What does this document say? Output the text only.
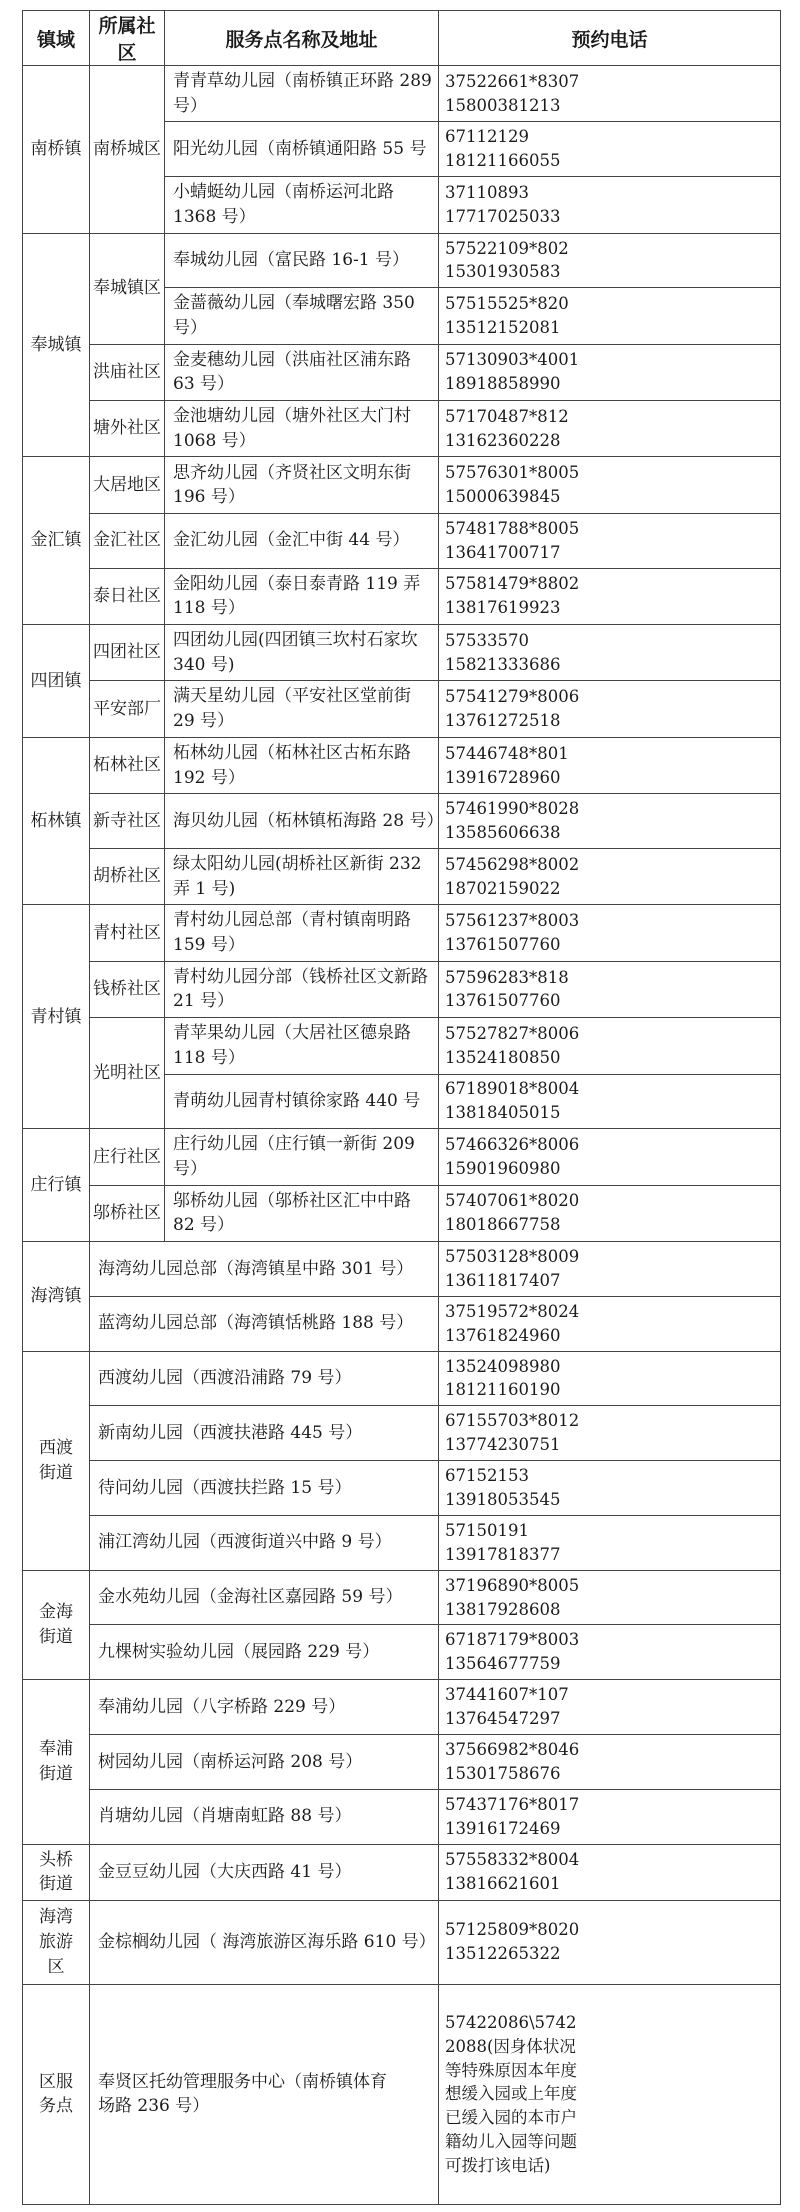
镇域	所属社区	服务点名称及地址	预约电话
南桥镇	南桥城区	青青草幼儿园（南桥镇正环路 289 号）	37522661*8307
15800381213

		阳光幼儿园（南桥镇通阳路 55 号	67112129
18121166055

		小蜻蜓幼儿园（南桥运河北路 1368 号）	37110893
17717025033

奉城镇	奉城镇区	奉城幼儿园（富民路 16-1 号）	57522109*802
15301930583

		金蔷薇幼儿园（奉城曙宏路 350 号）	57515525*820
13512152081

	洪庙社区	金麦穗幼儿园（洪庙社区浦东路 63 号）	57130903*4001
18918858990

	塘外社区	金池塘幼儿园（塘外社区大门村 1068 号）	57170487*812
13162360228

金汇镇	大居地区	思齐幼儿园（齐贤社区文明东街 196 号）	57576301*8005
15000639845

	金汇社区	金汇幼儿园（金汇中街 44 号）	57481788*8005
13641700717

	泰日社区	金阳幼儿园（泰日泰青路 119 弄 118 号）	57581479*8802
13817619923

四团镇	四团社区	四团幼儿园(四团镇三坎村石家坎 340 号)	57533570
15821333686

	平安部厂	满天星幼儿园（平安社区堂前街 29 号）	57541279*8006
13761272518

柘林镇	柘林社区	柘林幼儿园（柘林社区古柘东路 192 号）	57446748*801
13916728960

	新寺社区	海贝幼儿园（柘林镇柘海路 28 号）	57461990*8028
13585606638

	胡桥社区	绿太阳幼儿园(胡桥社区新街 232 弄 1 号)	57456298*8002
18702159022

青村镇	青村社区	青村幼儿园总部（青村镇南明路 159 号）	57561237*8003
13761507760

	钱桥社区	青村幼儿园分部（钱桥社区文新路 21 号）	57596283*818
13761507760

	光明社区	青苹果幼儿园（大居社区德泉路 118 号）	57527827*8006
13524180850

		青萌幼儿园青村镇徐家路 440 号	67189018*8004
13818405015

庄行镇	庄行社区	庄行幼儿园（庄行镇一新街 209 号）	57466326*8006
15901960980

	邬桥社区	邬桥幼儿园（邬桥社区汇中中路 82 号）	57407061*8020
18018667758

海湾镇	海湾幼儿园总部（海湾镇星中路 301 号）		57503128*8009
13611817407

	蓝湾幼儿园总部（海湾镇恬桃路 188 号）		37519572*8024
13761824960

西渡街道	西渡幼儿园（西渡沿浦路 79 号）		13524098980
18121160190

	新南幼儿园（西渡扶港路 445 号）		67155703*8012
13774230751

	待问幼儿园（西渡扶拦路 15 号）		67152153
13918053545

	浦江湾幼儿园（西渡街道兴中路 9 号）		57150191
13917818377

金海街道	金水苑幼儿园（金海社区嘉园路 59 号）		37196890*8005
13817928608

	九棵树实验幼儿园（展园路 229 号）		67187179*8003
13564677759

奉浦街道	奉浦幼儿园（八字桥路 229 号）		37441607*107
13764547297

	树园幼儿园（南桥运河路 208 号）		37566982*8046
15301758676

	肖塘幼儿园（肖塘南虹路 88 号）		57437176*8017
13916172469

头桥街道	金豆豆幼儿园（大庆西路 41 号）		57558332*8004
13816621601

海湾旅游区	金棕榈幼儿园（ 海湾旅游区海乐路 610 号）		57125809*8020
13512265322

区服务点	奉贤区托幼管理服务中心（南桥镇体育场路 236 号）		57422086\57422088(因身体状况等特殊原因本年度想缓入园或上年度已缓入园的本市户籍幼儿入园等问题可拨打该电话)
